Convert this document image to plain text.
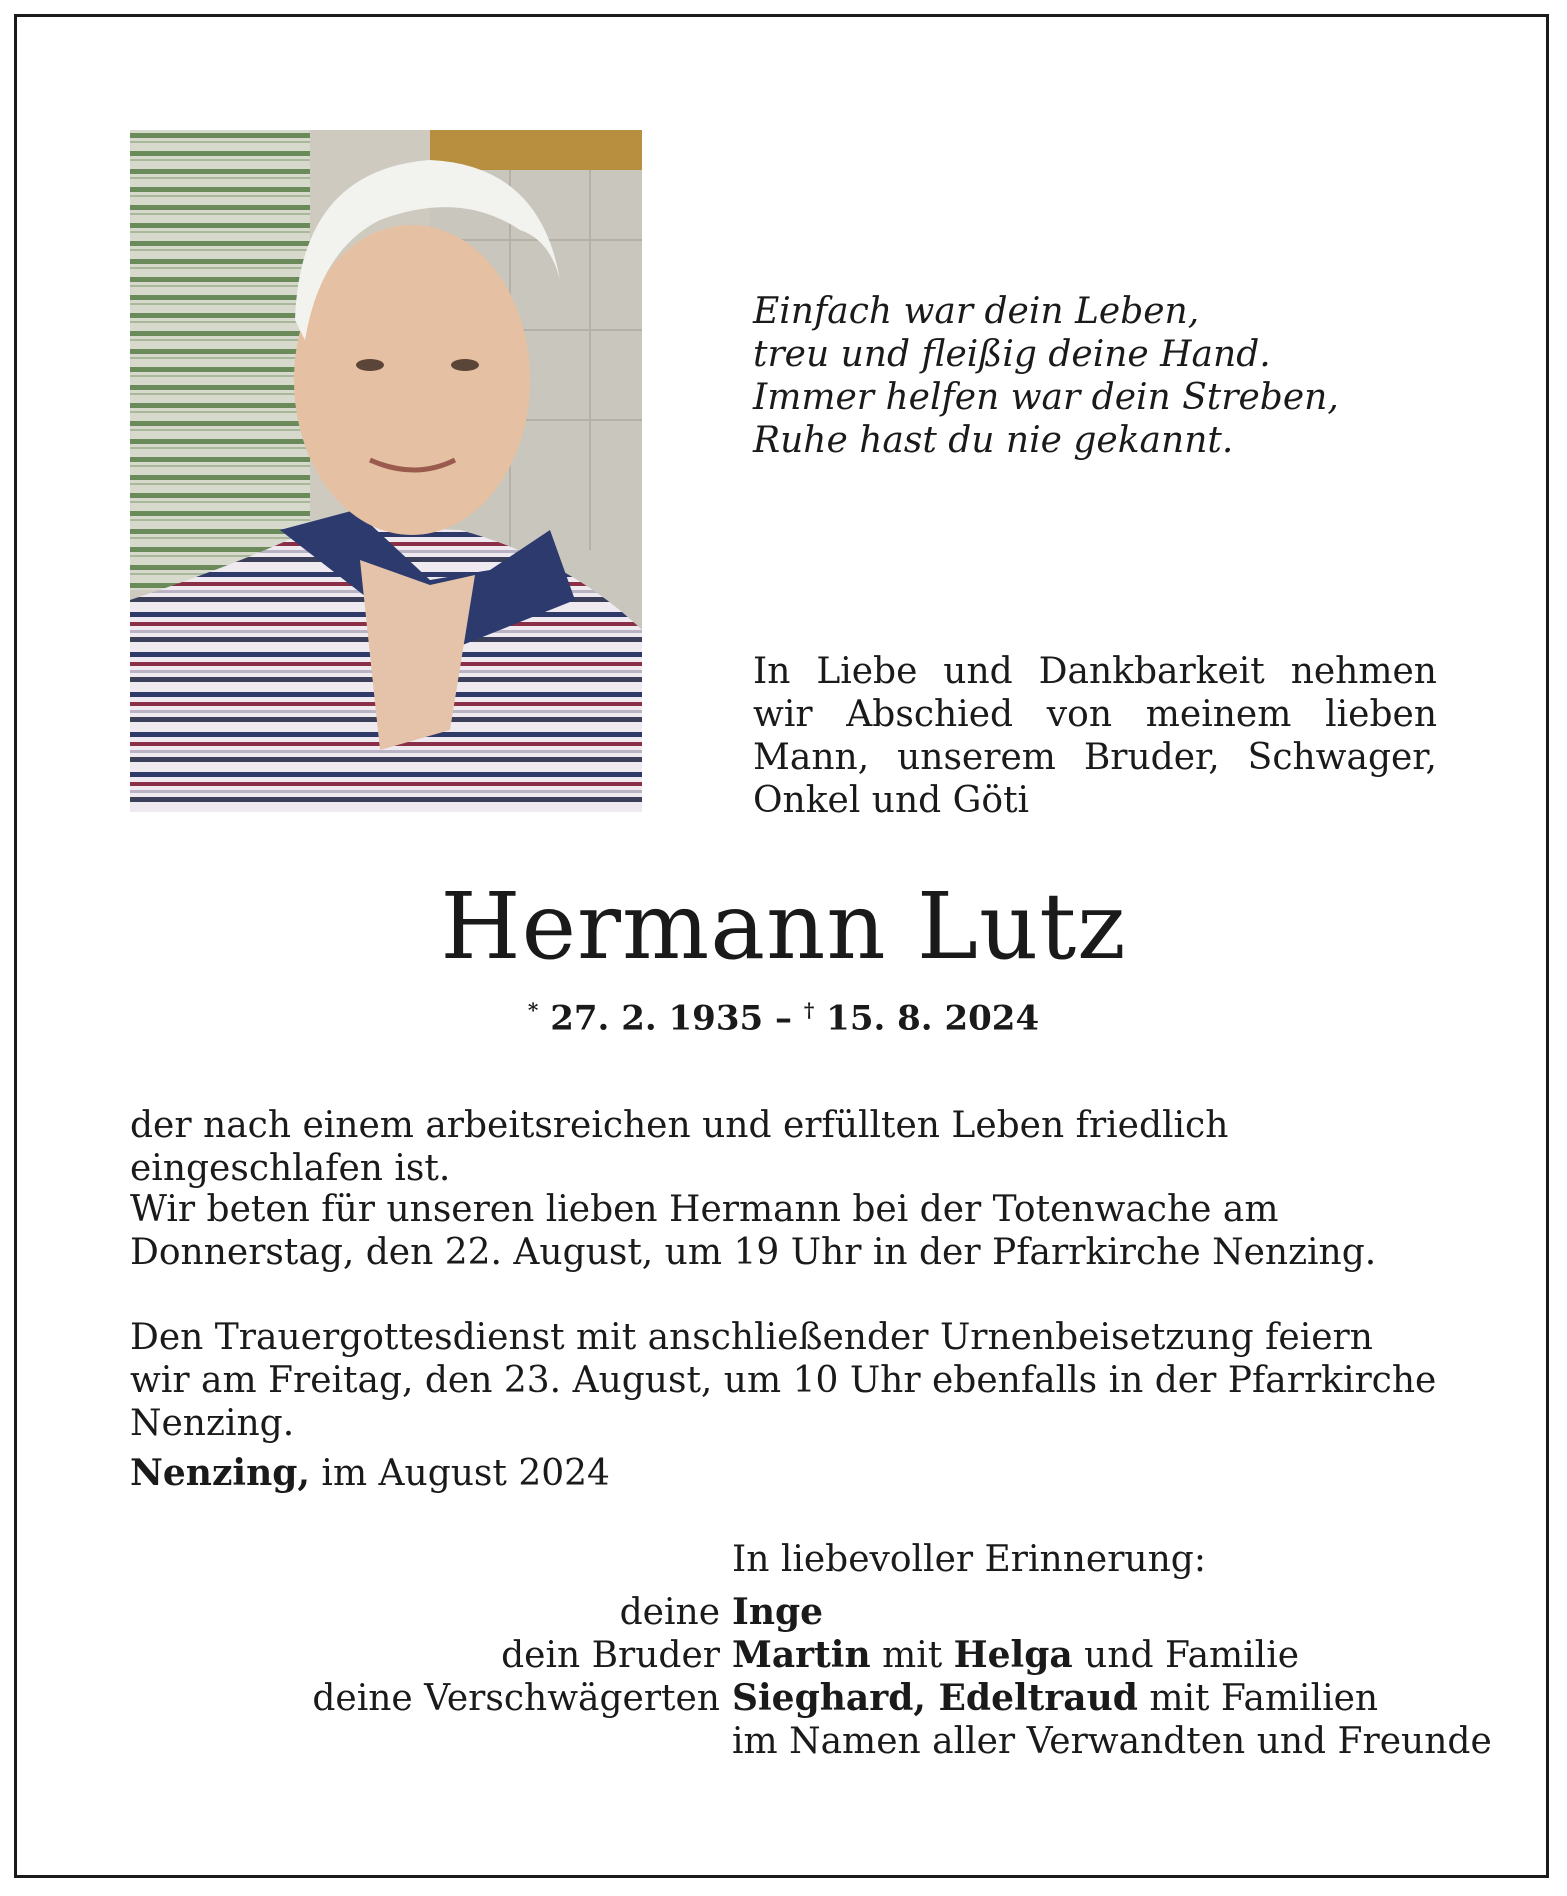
Einfach war dein Leben,
treu und fleißig deine Hand.
Immer helfen war dein Streben,
Ruhe hast du nie gekannt.
In Liebe und Dankbarkeit nehmen wir Abschied von meinem lieben Mann, unserem Bruder, Schwager, Onkel und Göti
Hermann Lutz
* 27. 2. 1935 – † 15. 8. 2024
der nach einem arbeitsreichen und erfüllten Leben friedlich eingeschlafen ist.
Wir beten für unseren lieben Hermann bei der Totenwache am Donnerstag, den 22. August, um 19 Uhr in der Pfarrkirche Nenzing.
Den Trauergottesdienst mit anschließender Urnenbeisetzung feiern wir am Freitag, den 23. August, um 10 Uhr ebenfalls in der Pfarrkirche Nenzing.
Nenzing, im August 2024
In liebevoller Erinnerung:
deine Inge
dein Bruder Martin mit Helga und Familie
deine Verschwägerten Sieghard, Edeltraud mit Familien
im Namen aller Verwandten und Freunde
